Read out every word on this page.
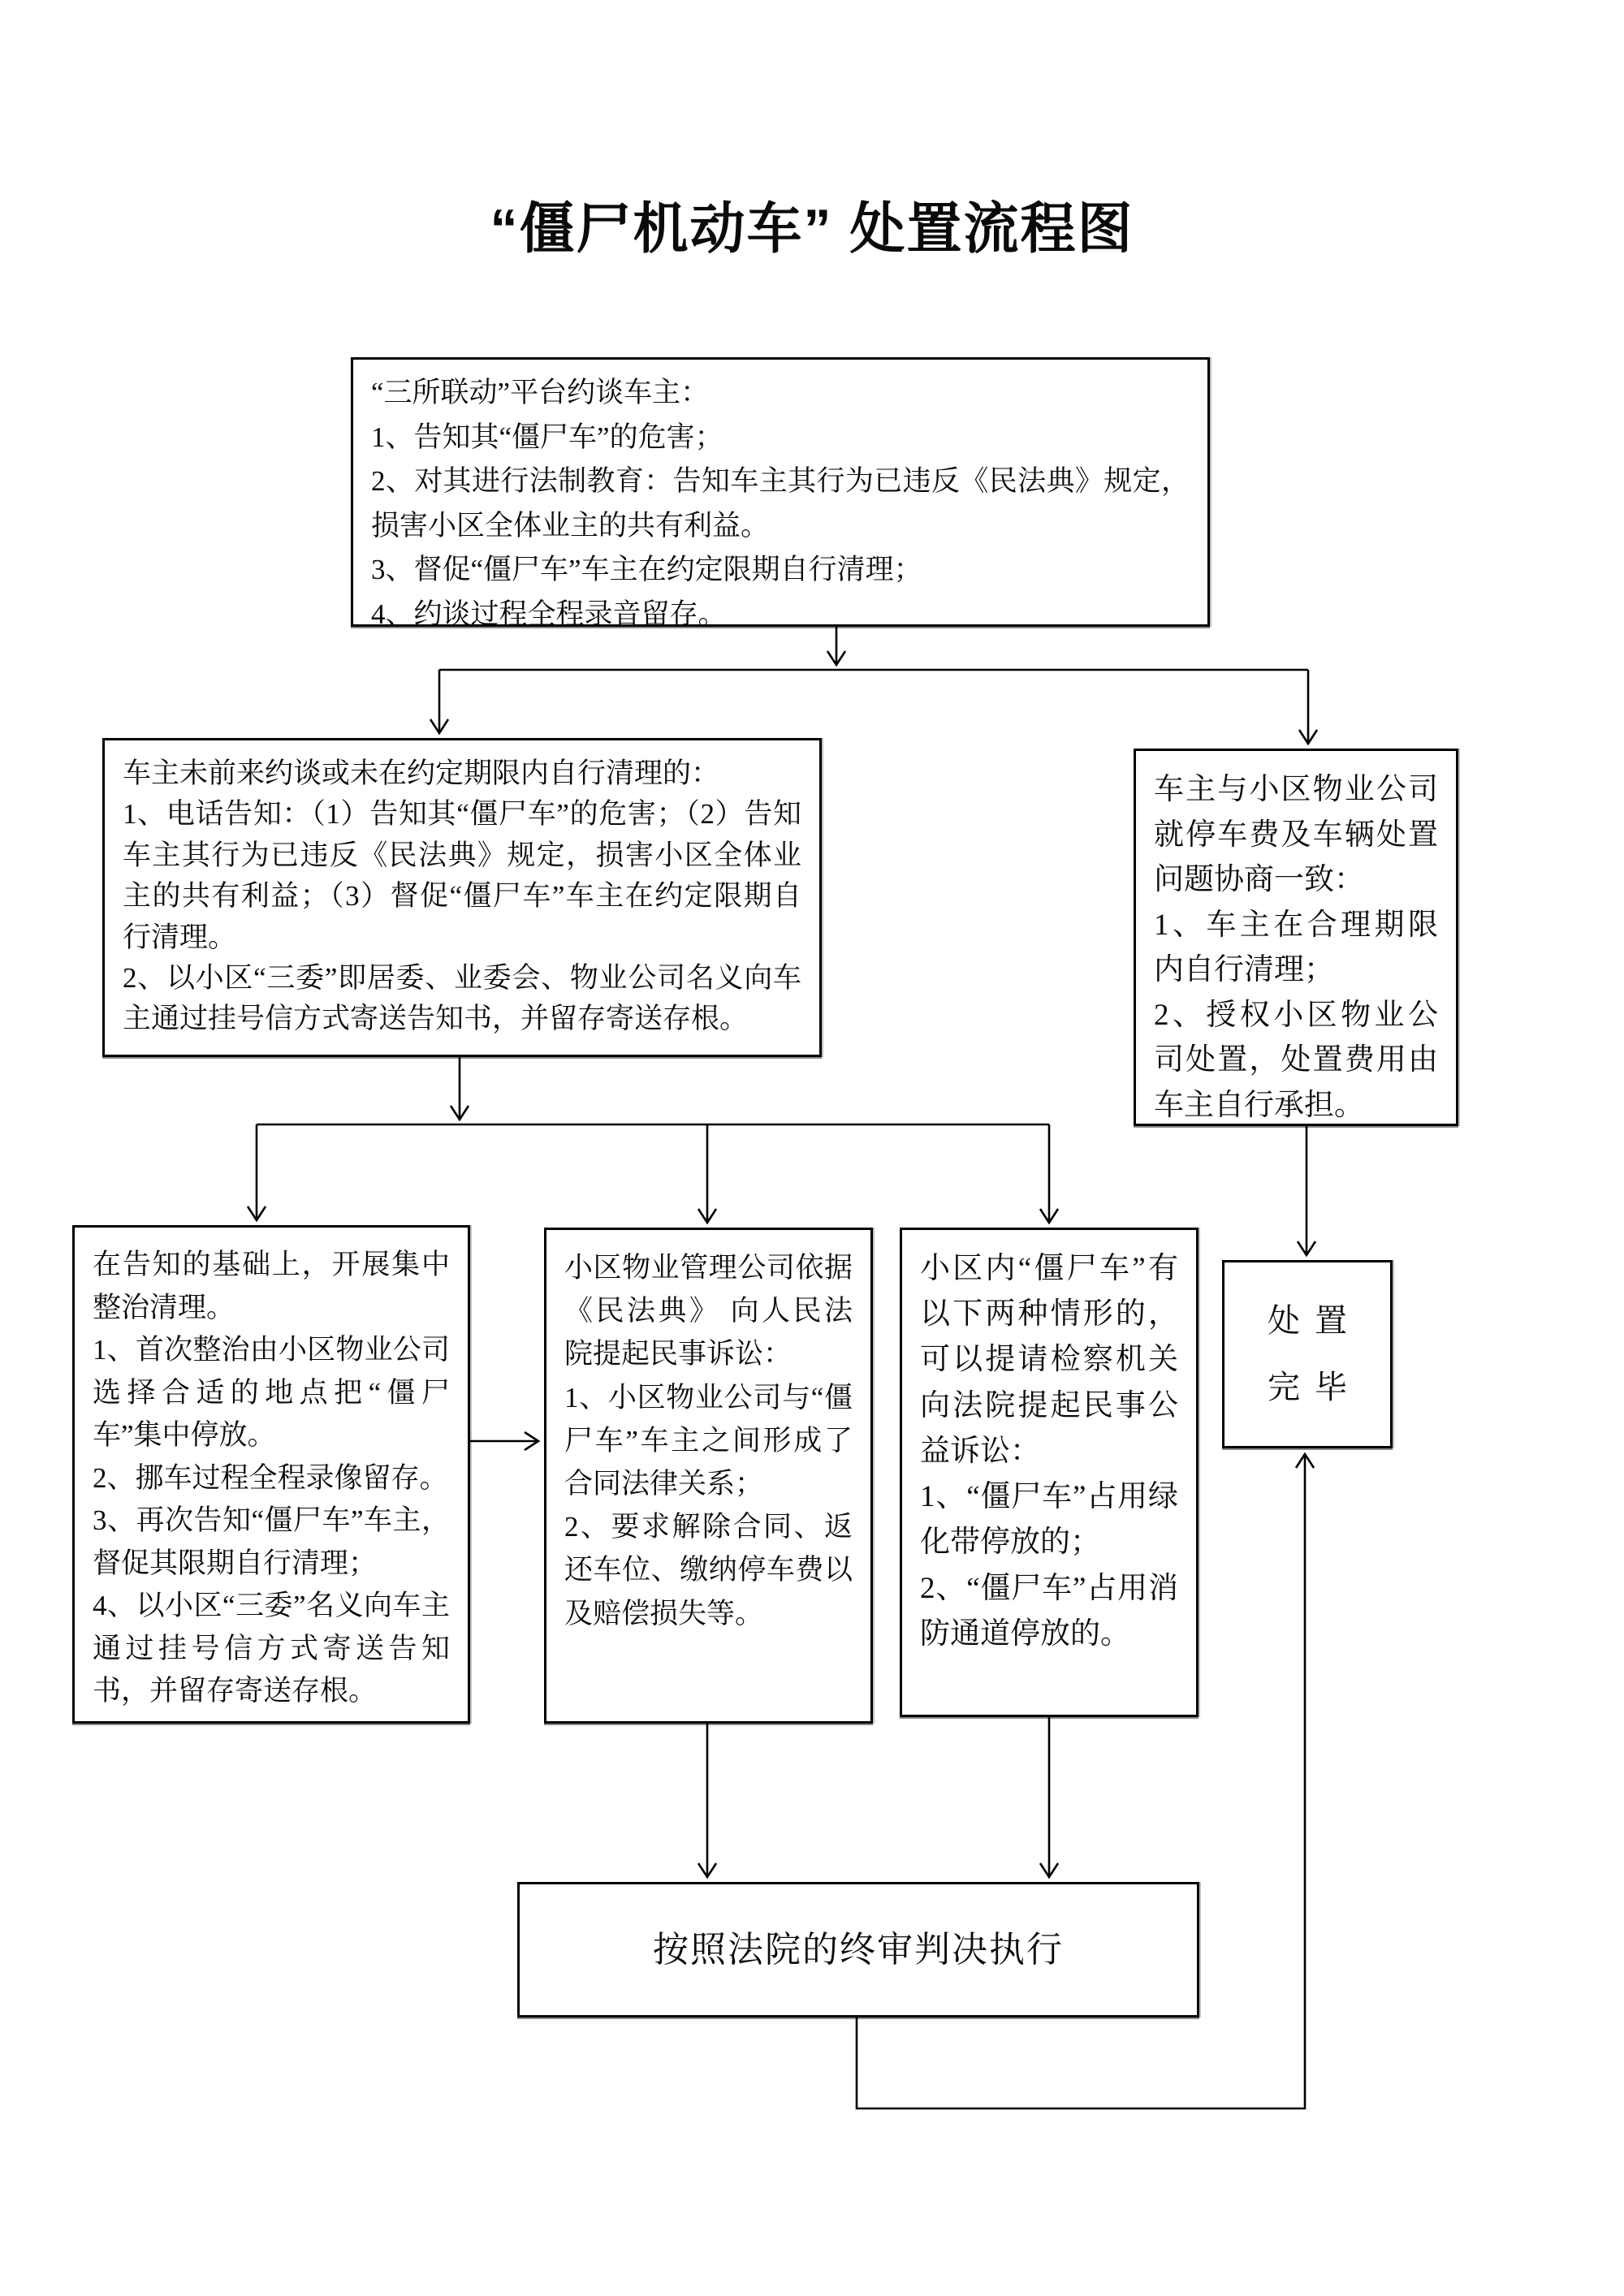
“僵尸机动车” 处置流程图
“三所联动”平台约谈车主：
1、告知其“僵尸车”的危害；
2、对其进行法制教育：告知车主其行为已违反《民法典》规定，损害小区全体业主的共有利益。
3、督促“僵尸车”车主在约定限期自行清理；
4、约谈过程全程录音留存。
车主未前来约谈或未在约定期限内自行清理的：
1、电话告知：（1）告知其“僵尸车”的危害；（2）告知车主其行为已违反《民法典》规定，损害小区全体业主的共有利益；（3）督促“僵尸车”车主在约定限期自行清理。
2、以小区“三委”即居委、业委会、物业公司名义向车主通过挂号信方式寄送告知书，并留存寄送存根。
车主与小区物业公司就停车费及车辆处置问题协商一致：
1、车主在合理期限内自行清理；
2、授权小区物业公司处置，处置费用由车主自行承担。
在告知的基础上，开展集中整治清理。
1、首次整治由小区物业公司选择合适的地点把“僵尸车”集中停放。
2、挪车过程全程录像留存。
3、再次告知“僵尸车”车主，督促其限期自行清理；
4、以小区“三委”名义向车主通过挂号信方式寄送告知书，并留存寄送存根。
小区物业管理公司依据《民法典》 向人民法院提起民事诉讼：
1、小区物业公司与“僵尸车”车主之间形成了合同法律关系；
2、要求解除合同、返还车位、缴纳停车费以及赔偿损失等。
小区内“僵尸车”有以下两种情形的，可以提请检察机关向法院提起民事公益诉讼：
1、“僵尸车”占用绿化带停放的；
2、“僵尸车”占用消防通道停放的。
处置
完毕
按照法院的终审判决执行
